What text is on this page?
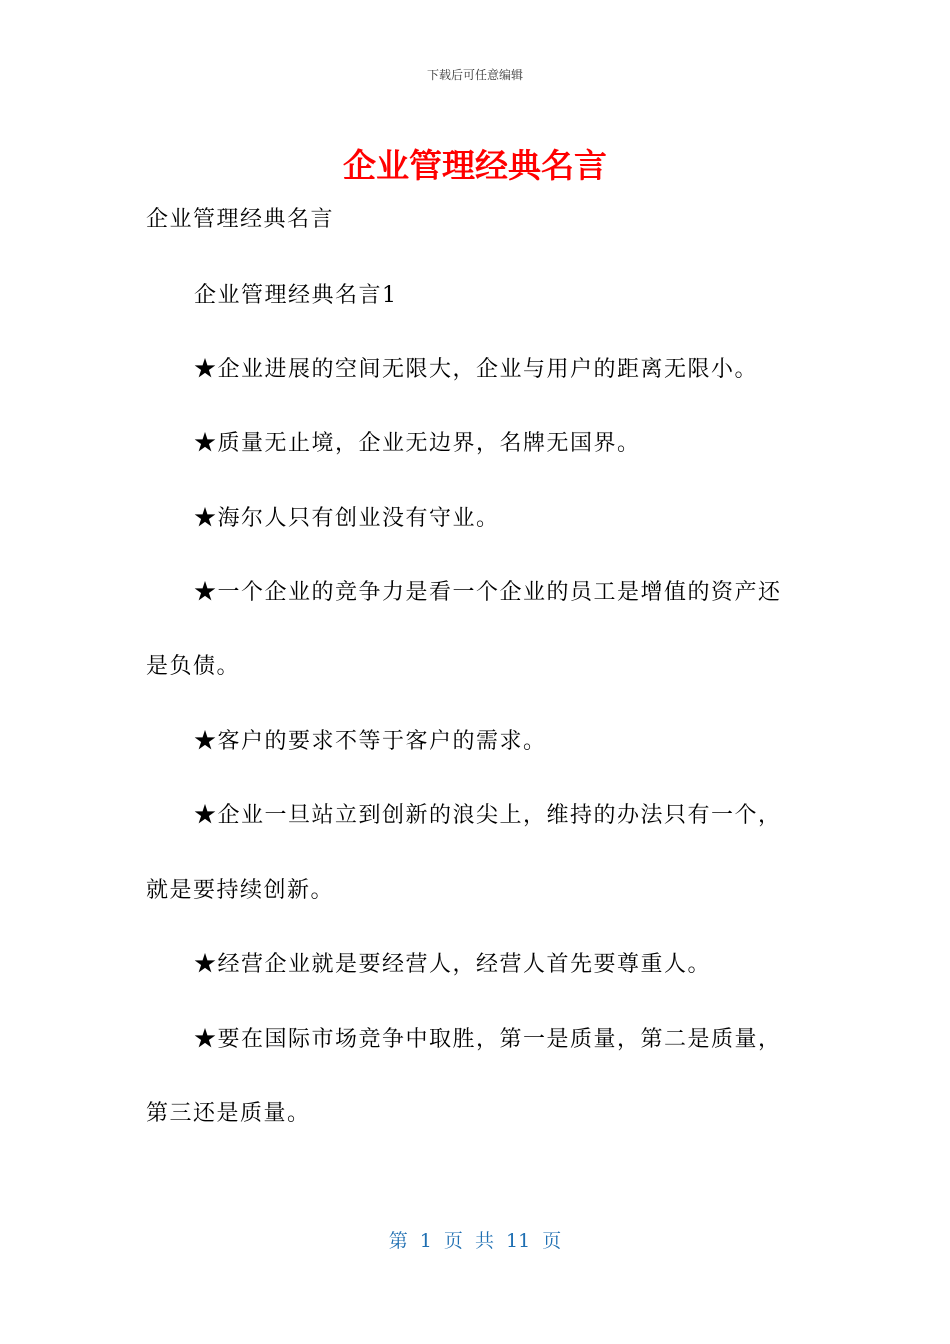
下载后可任意编辑
企业管理经典名言
企业管理经典名言
企业管理经典名言1
★企业进展的空间无限大，企业与用户的距离无限小。
★质量无止境，企业无边界，名牌无国界。
★海尔人只有创业没有守业。
★一个企业的竞争力是看一个企业的员工是增值的资产还
是负债。
★客户的要求不等于客户的需求。
★企业一旦站立到创新的浪尖上，维持的办法只有一个，
就是要持续创新。
★经营企业就是要经营人，经营人首先要尊重人。
★要在国际市场竞争中取胜，第一是质量，第二是质量，
第三还是质量。
第 1 页 共 11 页
